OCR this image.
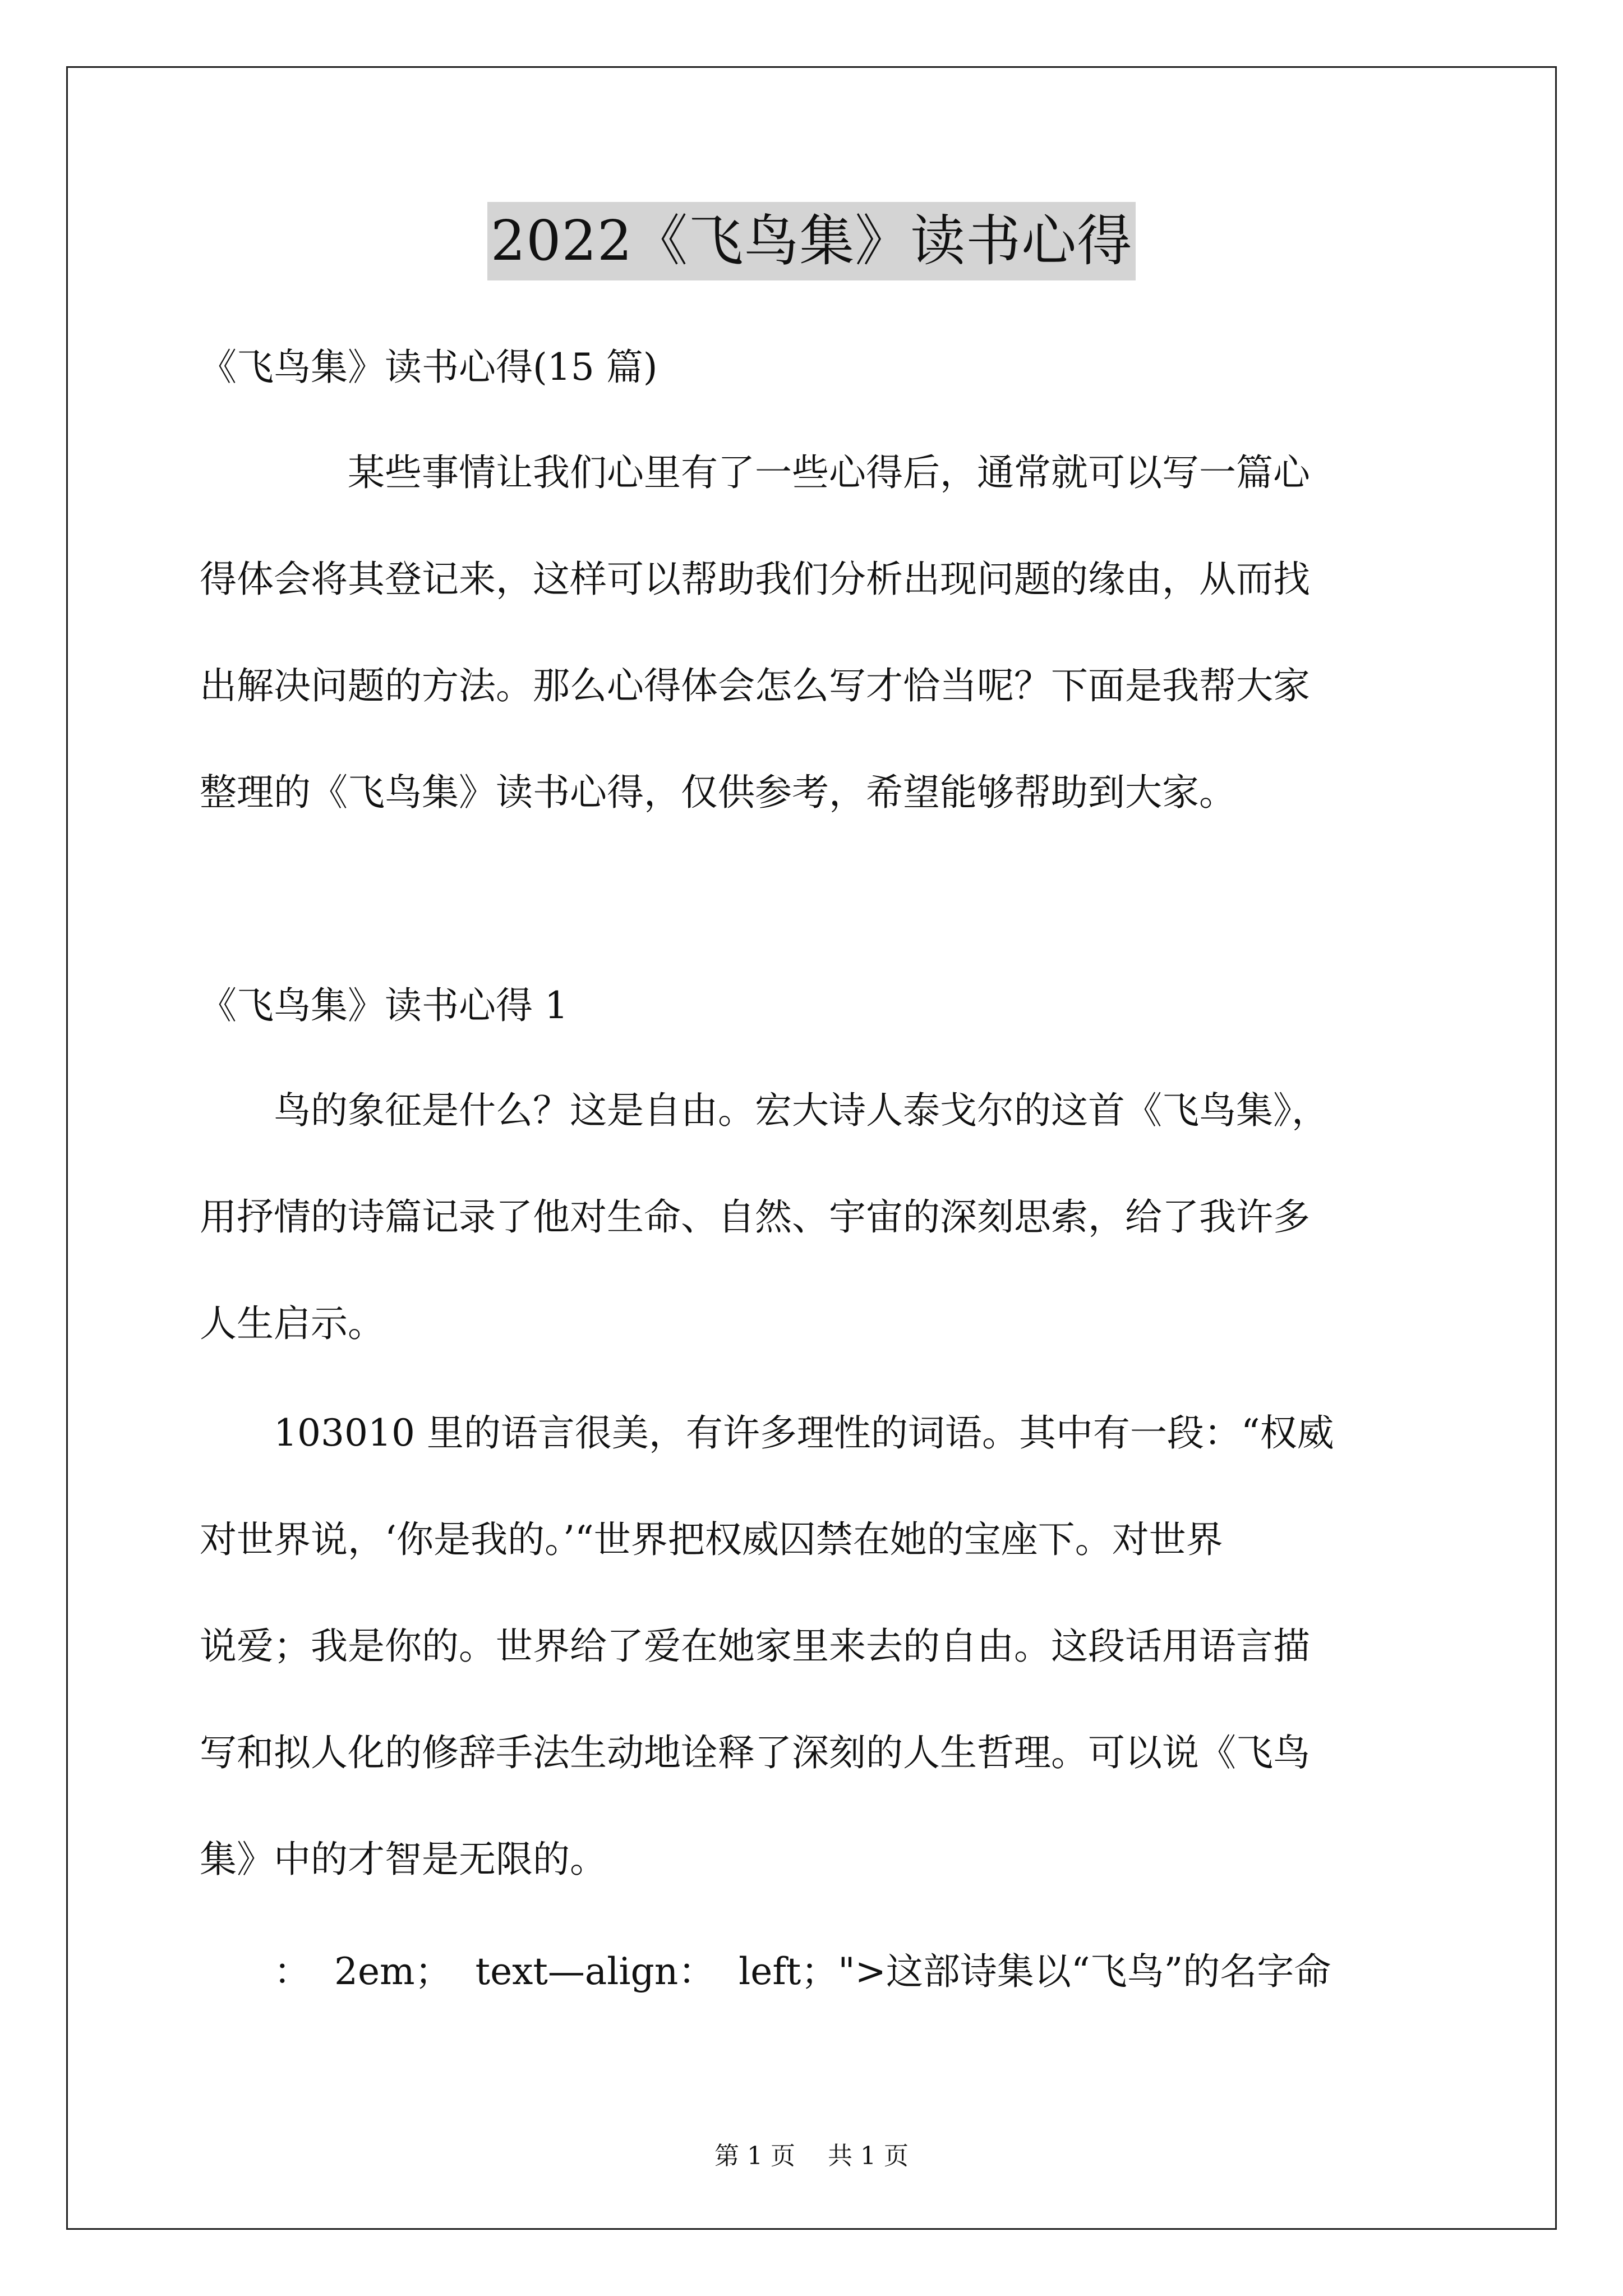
2022《飞鸟集》读书心得
《飞鸟集》读书心得(15 篇)
　　　　某些事情让我们心里有了一些心得后，通常就可以写一篇心
得体会将其登记来，这样可以帮助我们分析出现问题的缘由，从而找
出解决问题的方法。那么心得体会怎么写才恰当呢？下面是我帮大家
整理的《飞鸟集》读书心得，仅供参考，希望能够帮助到大家。
《飞鸟集》读书心得 1
　　鸟的象征是什么？这是自由。宏大诗人泰戈尔的这首《飞鸟集》，
用抒情的诗篇记录了他对生命、自然、宇宙的深刻思索，给了我许多
人生启示。
　　103010 里的语言很美，有许多理性的词语。其中有一段：“权威
对世界说，‘你是我的。’“世界把权威囚禁在她的宝座下。对世界
说爱；我是你的。世界给了爱在她家里来去的自由。这段话用语言描
写和拟人化的修辞手法生动地诠释了深刻的人生哲理。可以说《飞鸟
集》中的才智是无限的。
　　：  2em；  text—align：  left；">这部诗集以“飞鸟”的名字命
第 1 页　 共 1 页
